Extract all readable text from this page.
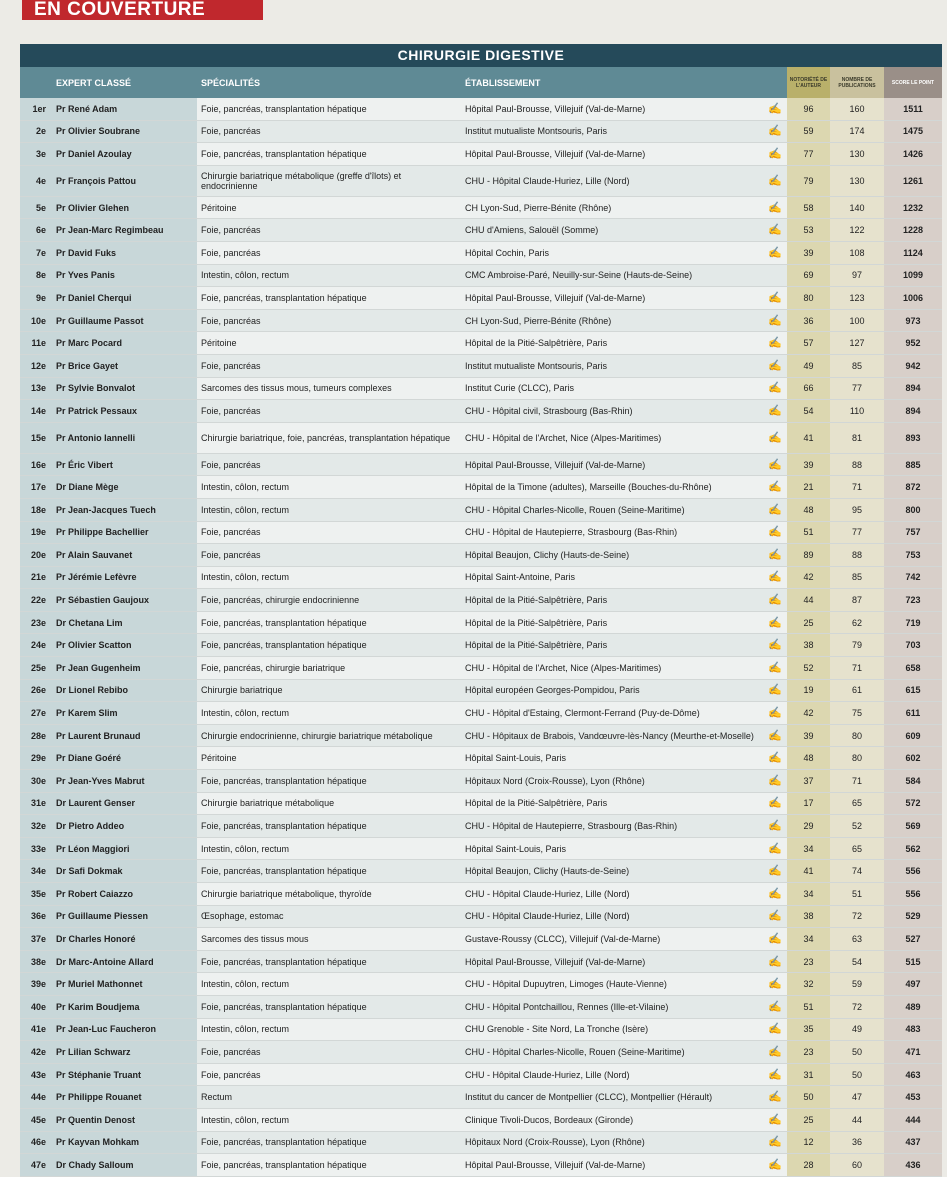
EN COUVERTURE
CHIRURGIE DIGESTIVE
	EXPERT CLASSÉ	SPÉCIALITÉS	ÉTABLISSEMENT		NOTORIÉTÉ DE L'AUTEUR	NOMBRE DE PUBLICATIONS	SCORE LE POINT
1er	Pr René Adam	Foie, pancréas, transplantation hépatique	Hôpital Paul-Brousse, Villejuif (Val-de-Marne)	✍	96	160	1511
2e	Pr Olivier Soubrane	Foie, pancréas	Institut mutualiste Montsouris, Paris	✍	59	174	1475
3e	Pr Daniel Azoulay	Foie, pancréas, transplantation hépatique	Hôpital Paul-Brousse, Villejuif (Val-de-Marne)	✍	77	130	1426
4e	Pr François Pattou	Chirurgie bariatrique métabolique (greffe d'îlots) et endocrinienne	CHU - Hôpital Claude-Huriez, Lille (Nord)	✍	79	130	1261
5e	Pr Olivier Glehen	Péritoine	CH Lyon-Sud, Pierre-Bénite (Rhône)	✍	58	140	1232
6e	Pr Jean-Marc Regimbeau	Foie, pancréas	CHU d'Amiens, Salouël (Somme)	✍	53	122	1228
7e	Pr David Fuks	Foie, pancréas	Hôpital Cochin, Paris	✍	39	108	1124
8e	Pr Yves Panis	Intestin, côlon, rectum	CMC Ambroise-Paré, Neuilly-sur-Seine (Hauts-de-Seine)		69	97	1099
9e	Pr Daniel Cherqui	Foie, pancréas, transplantation hépatique	Hôpital Paul-Brousse, Villejuif (Val-de-Marne)	✍	80	123	1006
10e	Pr Guillaume Passot	Foie, pancréas	CH Lyon-Sud, Pierre-Bénite (Rhône)	✍	36	100	973
11e	Pr Marc Pocard	Péritoine	Hôpital de la Pitié-Salpêtrière, Paris	✍	57	127	952
12e	Pr Brice Gayet	Foie, pancréas	Institut mutualiste Montsouris, Paris	✍	49	85	942
13e	Pr Sylvie Bonvalot	Sarcomes des tissus mous, tumeurs complexes	Institut Curie (CLCC), Paris	✍	66	77	894
14e	Pr Patrick Pessaux	Foie, pancréas	CHU - Hôpital civil, Strasbourg (Bas-Rhin)	✍	54	110	894
15e	Pr Antonio Iannelli	Chirurgie bariatrique, foie, pancréas, transplantation hépatique	CHU - Hôpital de l'Archet, Nice (Alpes-Maritimes)	✍	41	81	893
16e	Pr Éric Vibert	Foie, pancréas	Hôpital Paul-Brousse, Villejuif (Val-de-Marne)	✍	39	88	885
17e	Dr Diane Mège	Intestin, côlon, rectum	Hôpital de la Timone (adultes), Marseille (Bouches-du-Rhône)	✍	21	71	872
18e	Pr Jean-Jacques Tuech	Intestin, côlon, rectum	CHU - Hôpital Charles-Nicolle, Rouen (Seine-Maritime)	✍	48	95	800
19e	Pr Philippe Bachellier	Foie, pancréas	CHU - Hôpital de Hautepierre, Strasbourg (Bas-Rhin)	✍	51	77	757
20e	Pr Alain Sauvanet	Foie, pancréas	Hôpital Beaujon, Clichy (Hauts-de-Seine)	✍	89	88	753
21e	Pr Jérémie Lefèvre	Intestin, côlon, rectum	Hôpital Saint-Antoine, Paris	✍	42	85	742
22e	Pr Sébastien Gaujoux	Foie, pancréas, chirurgie endocrinienne	Hôpital de la Pitié-Salpêtrière, Paris	✍	44	87	723
23e	Dr Chetana Lim	Foie, pancréas, transplantation hépatique	Hôpital de la Pitié-Salpêtrière, Paris	✍	25	62	719
24e	Pr Olivier Scatton	Foie, pancréas, transplantation hépatique	Hôpital de la Pitié-Salpêtrière, Paris	✍	38	79	703
25e	Pr Jean Gugenheim	Foie, pancréas, chirurgie bariatrique	CHU - Hôpital de l'Archet, Nice (Alpes-Maritimes)	✍	52	71	658
26e	Dr Lionel Rebibo	Chirurgie bariatrique	Hôpital européen Georges-Pompidou, Paris	✍	19	61	615
27e	Pr Karem Slim	Intestin, côlon, rectum	CHU - Hôpital d'Estaing, Clermont-Ferrand (Puy-de-Dôme)	✍	42	75	611
28e	Pr Laurent Brunaud	Chirurgie endocrinienne, chirurgie bariatrique métabolique	CHU - Hôpitaux de Brabois, Vandœuvre-lès-Nancy (Meurthe-et-Moselle)	✍	39	80	609
29e	Pr Diane Goéré	Péritoine	Hôpital Saint-Louis, Paris	✍	48	80	602
30e	Pr Jean-Yves Mabrut	Foie, pancréas, transplantation hépatique	Hôpitaux Nord (Croix-Rousse), Lyon (Rhône)	✍	37	71	584
31e	Dr Laurent Genser	Chirurgie bariatrique métabolique	Hôpital de la Pitié-Salpêtrière, Paris	✍	17	65	572
32e	Dr Pietro Addeo	Foie, pancréas, transplantation hépatique	CHU - Hôpital de Hautepierre, Strasbourg (Bas-Rhin)	✍	29	52	569
33e	Pr Léon Maggiori	Intestin, côlon, rectum	Hôpital Saint-Louis, Paris	✍	34	65	562
34e	Dr Safi Dokmak	Foie, pancréas, transplantation hépatique	Hôpital Beaujon, Clichy (Hauts-de-Seine)	✍	41	74	556
35e	Pr Robert Caiazzo	Chirurgie bariatrique métabolique, thyroïde	CHU - Hôpital Claude-Huriez, Lille (Nord)	✍	34	51	556
36e	Pr Guillaume Piessen	Œsophage, estomac	CHU - Hôpital Claude-Huriez, Lille (Nord)	✍	38	72	529
37e	Dr Charles Honoré	Sarcomes des tissus mous	Gustave-Roussy (CLCC), Villejuif (Val-de-Marne)	✍	34	63	527
38e	Dr Marc-Antoine Allard	Foie, pancréas, transplantation hépatique	Hôpital Paul-Brousse, Villejuif (Val-de-Marne)	✍	23	54	515
39e	Pr Muriel Mathonnet	Intestin, côlon, rectum	CHU - Hôpital Dupuytren, Limoges (Haute-Vienne)	✍	32	59	497
40e	Pr Karim Boudjema	Foie, pancréas, transplantation hépatique	CHU - Hôpital Pontchaillou, Rennes (Ille-et-Vilaine)	✍	51	72	489
41e	Pr Jean-Luc Faucheron	Intestin, côlon, rectum	CHU Grenoble - Site Nord, La Tronche (Isère)	✍	35	49	483
42e	Pr Lilian Schwarz	Foie, pancréas	CHU - Hôpital Charles-Nicolle, Rouen (Seine-Maritime)	✍	23	50	471
43e	Pr Stéphanie Truant	Foie, pancréas	CHU - Hôpital Claude-Huriez, Lille (Nord)	✍	31	50	463
44e	Pr Philippe Rouanet	Rectum	Institut du cancer de Montpellier (CLCC), Montpellier (Hérault)	✍	50	47	453
45e	Pr Quentin Denost	Intestin, côlon, rectum	Clinique Tivoli-Ducos, Bordeaux (Gironde)	✍	25	44	444
46e	Pr Kayvan Mohkam	Foie, pancréas, transplantation hépatique	Hôpitaux Nord (Croix-Rousse), Lyon (Rhône)	✍	12	36	437
47e	Dr Chady Salloum	Foie, pancréas, transplantation hépatique	Hôpital Paul-Brousse, Villejuif (Val-de-Marne)	✍	28	60	436
